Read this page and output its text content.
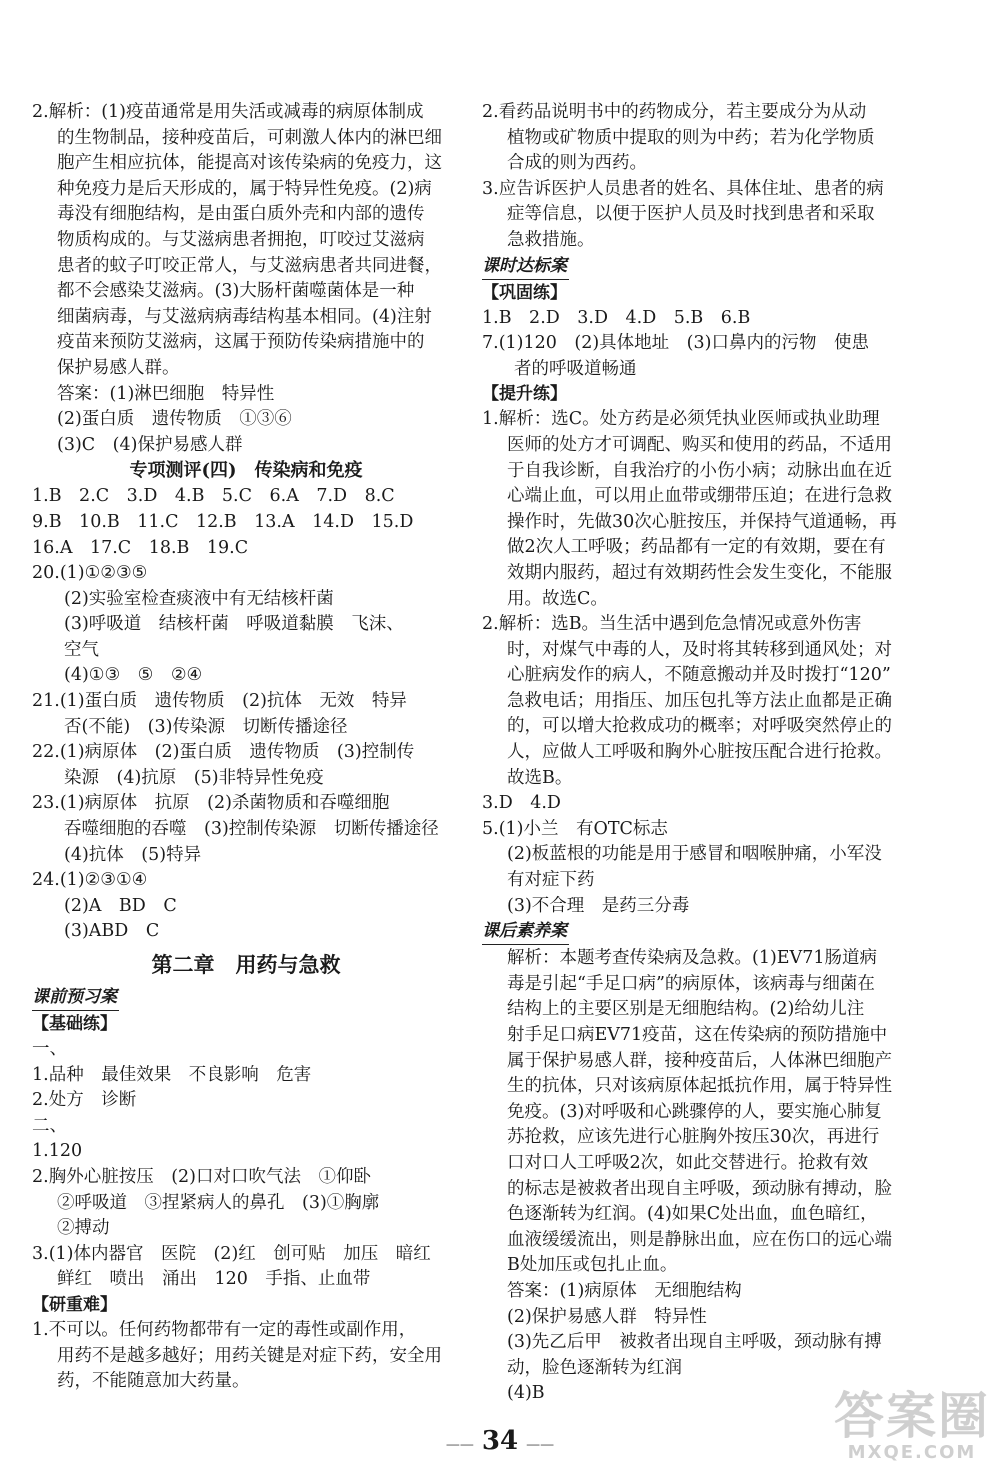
2.解析：(1)疫苗通常是用失活或减毒的病原体制成
的生物制品，接种疫苗后，可刺激人体内的淋巴细
胞产生相应抗体，能提高对该传染病的免疫力，这
种免疫力是后天形成的，属于特异性免疫。(2)病
毒没有细胞结构，是由蛋白质外壳和内部的遗传
物质构成的。与艾滋病患者拥抱，叮咬过艾滋病
患者的蚊子叮咬正常人，与艾滋病患者共同进餐，
都不会感染艾滋病。(3)大肠杆菌噬菌体是一种
细菌病毒，与艾滋病病毒结构基本相同。(4)注射
疫苗来预防艾滋病，这属于预防传染病措施中的
保护易感人群。
答案：(1)淋巴细胞　特异性
(2)蛋白质　遗传物质　①③⑥
(3)C　(4)保护易感人群
专项测评(四)　传染病和免疫
1.B　2.C　3.D　4.B　5.C　6.A　7.D　8.C
9.B　10.B　11.C　12.B　13.A　14.D　15.D
16.A　17.C　18.B　19.C
20.(1)①②③⑤
(2)实验室检查痰液中有无结核杆菌
(3)呼吸道　结核杆菌　呼吸道黏膜　飞沫、
空气
(4)①③　⑤　②④
21.(1)蛋白质　遗传物质　(2)抗体　无效　特异
否(不能)　(3)传染源　切断传播途径
22.(1)病原体　(2)蛋白质　遗传物质　(3)控制传
染源　(4)抗原　(5)非特异性免疫
23.(1)病原体　抗原　(2)杀菌物质和吞噬细胞
吞噬细胞的吞噬　(3)控制传染源　切断传播途径
(4)抗体　(5)特异
24.(1)②③①④
(2)A　BD　C
(3)ABD　C
第二章　用药与急救
课前预习案
【基础练】
一、
1.品种　最佳效果　不良影响　危害
2.处方　诊断
二、
1.120
2.胸外心脏按压　(2)口对口吹气法　①仰卧
②呼吸道　③捏紧病人的鼻孔　(3)①胸廓
②搏动
3.(1)体内器官　医院　(2)红　创可贴　加压　暗红
鲜红　喷出　涌出　120　手指、止血带
【研重难】
1.不可以。任何药物都带有一定的毒性或副作用，
用药不是越多越好；用药关键是对症下药，安全用
药，不能随意加大药量。
2.看药品说明书中的药物成分，若主要成分为从动
植物或矿物质中提取的则为中药；若为化学物质
合成的则为西药。
3.应告诉医护人员患者的姓名、具体住址、患者的病
症等信息，以便于医护人员及时找到患者和采取
急救措施。
课时达标案
【巩固练】
1.B　2.D　3.D　4.D　5.B　6.B
7.(1)120　(2)具体地址　(3)口鼻内的污物　使患
者的呼吸道畅通
【提升练】
1.解析：选C。处方药是必须凭执业医师或执业助理
医师的处方才可调配、购买和使用的药品，不适用
于自我诊断，自我治疗的小伤小病；动脉出血在近
心端止血，可以用止血带或绷带压迫；在进行急救
操作时，先做30次心脏按压，并保持气道通畅，再
做2次人工呼吸；药品都有一定的有效期，要在有
效期内服药，超过有效期药性会发生变化，不能服
用。故选C。
2.解析：选B。当生活中遇到危急情况或意外伤害
时，对煤气中毒的人，及时将其转移到通风处；对
心脏病发作的病人，不随意搬动并及时拨打“120”
急救电话；用指压、加压包扎等方法止血都是正确
的，可以增大抢救成功的概率；对呼吸突然停止的
人，应做人工呼吸和胸外心脏按压配合进行抢救。
故选B。
3.D　4.D
5.(1)小兰　有OTC标志
(2)板蓝根的功能是用于感冒和咽喉肿痛，小军没
有对症下药
(3)不合理　是药三分毒
课后素养案
解析：本题考查传染病及急救。(1)EV71肠道病
毒是引起“手足口病”的病原体，该病毒与细菌在
结构上的主要区别是无细胞结构。(2)给幼儿注
射手足口病EV71疫苗，这在传染病的预防措施中
属于保护易感人群，接种疫苗后，人体淋巴细胞产
生的抗体，只对该病原体起抵抗作用，属于特异性
免疫。(3)对呼吸和心跳骤停的人，要实施心肺复
苏抢救，应该先进行心脏胸外按压30次，再进行
口对口人工呼吸2次，如此交替进行。抢救有效
的标志是被救者出现自主呼吸，颈动脉有搏动，脸
色逐渐转为红润。(4)如果C处出血，血色暗红，
血液缓缓流出，则是静脉出血，应在伤口的远心端
B处加压或包扎止血。
答案：(1)病原体　无细胞结构
(2)保护易感人群　特异性
(3)先乙后甲　被救者出现自主呼吸，颈动脉有搏
动，脸色逐渐转为红润
(4)B
—— 34 ——	答案圈
MXQE.COM
